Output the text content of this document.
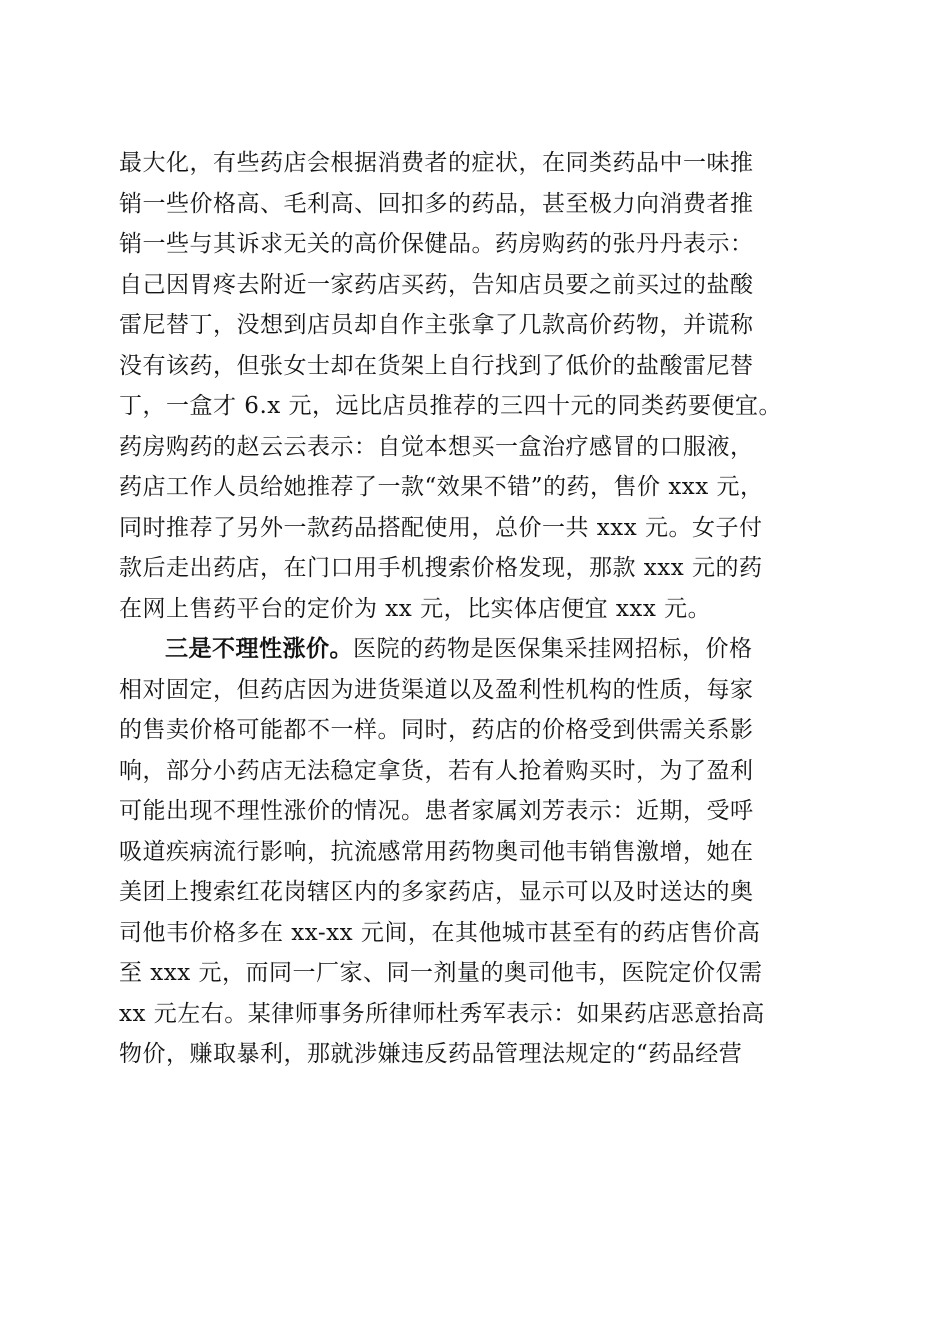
最大化，有些药店会根据消费者的症状，在同类药品中一味推
销一些价格高、毛利高、回扣多的药品，甚至极力向消费者推
销一些与其诉求无关的高价保健品。药房购药的张丹丹表示：
自己因胃疼去附近一家药店买药，告知店员要之前买过的盐酸
雷尼替丁，没想到店员却自作主张拿了几款高价药物，并谎称
没有该药，但张女士却在货架上自行找到了低价的盐酸雷尼替
丁，一盒才 6.x 元，远比店员推荐的三四十元的同类药要便宜。
药房购药的赵云云表示：自觉本想买一盒治疗感冒的口服液，
药店工作人员给她推荐了一款“效果不错”的药，售价 xxx 元，
同时推荐了另外一款药品搭配使用，总价一共 xxx 元。女子付
款后走出药店，在门口用手机搜索价格发现，那款 xxx 元的药
在网上售药平台的定价为 xx 元，比实体店便宜 xxx 元。
三是不理性涨价。医院的药物是医保集采挂网招标，价格
相对固定，但药店因为进货渠道以及盈利性机构的性质，每家
的售卖价格可能都不一样。同时，药店的价格受到供需关系影
响，部分小药店无法稳定拿货，若有人抢着购买时，为了盈利
可能出现不理性涨价的情况。患者家属刘芳表示：近期，受呼
吸道疾病流行影响，抗流感常用药物奥司他韦销售激增，她在
美团上搜索红花岗辖区内的多家药店，显示可以及时送达的奥
司他韦价格多在 xx-xx 元间，在其他城市甚至有的药店售价高
至 xxx 元，而同一厂家、同一剂量的奥司他韦，医院定价仅需
xx 元左右。某律师事务所律师杜秀军表示：如果药店恶意抬高
物价，赚取暴利，那就涉嫌违反药品管理法规定的“药品经营
